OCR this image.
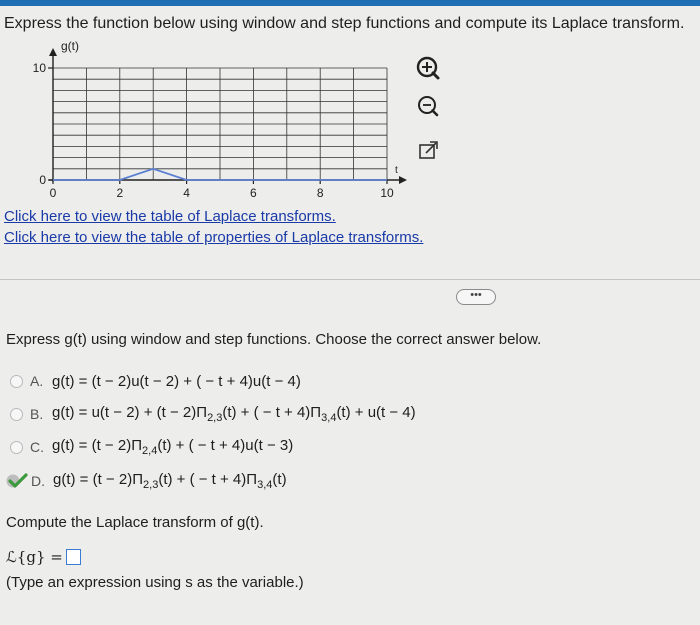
Express the function below using window and step functions and compute its Laplace transform.
g(t)
t
10
0
0	2	4	6	8	10
Click here to view the table of Laplace transforms.
Click here to view the table of properties of Laplace transforms.
•••
Express g(t) using window and step functions. Choose the correct answer below.
A. g(t) = (t − 2)u(t − 2) + ( − t + 4)u(t − 4)
B. $g(t) = u(t - 2) + (t - 2)\Pi_{2,3}(t)$ + ( − $t + 4)\Pi_{3,4}(t) + u(t - 4)$
C. $g(t) = (t - 2)\Pi_{2,4}(t)$ + ( − t + 4)u(t − 3)
D. $g(t) = (t - 2)\Pi_{2,3}(t)$ + ( − $t + 4)\Pi_{3,4}(t)$
Compute the Laplace transform of g(t).
ℒ{g} =
(Type an expression using s as the variable.)
